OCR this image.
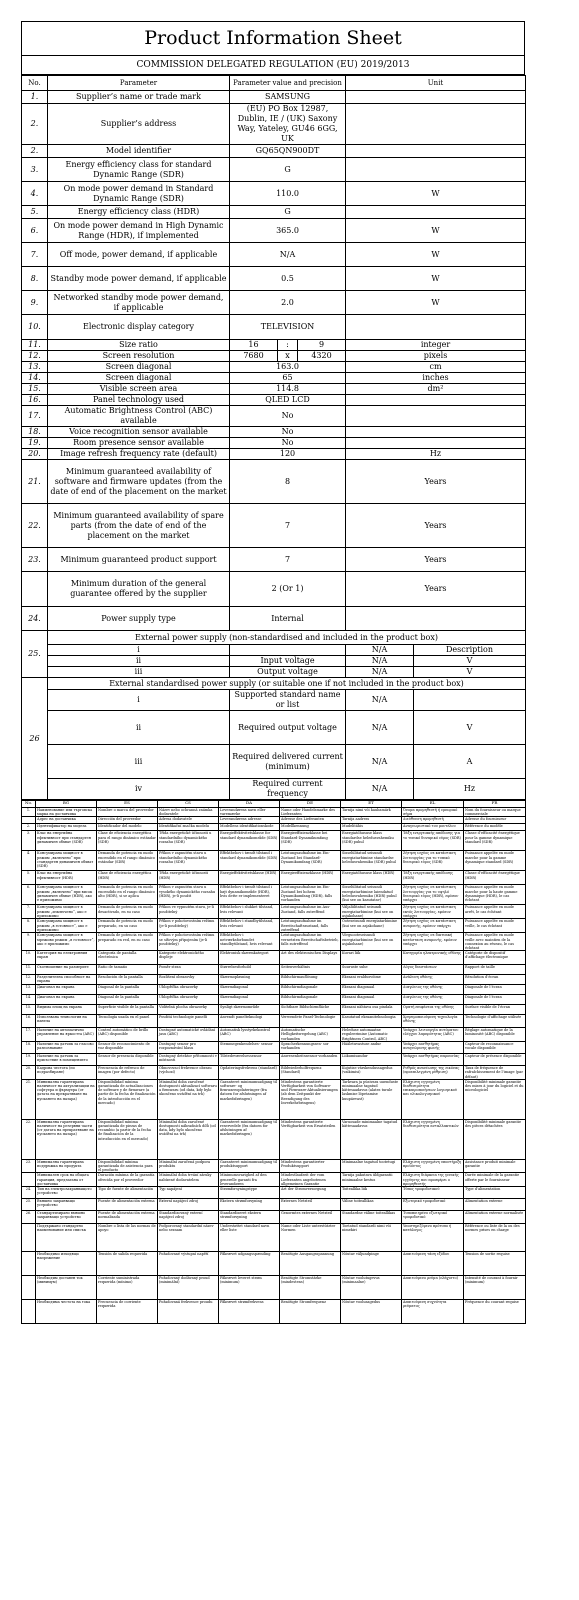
Product Information Sheet
COMMISSION DELEGATED REGULATION (EU) 2019/2013
No.	Parameter	Parameter value and precision			Unit	
1.	Supplier’s name or trade mark	SAMSUNG				
2.	Supplier’s address	(EU) PO Box 12987, Dublin, IE / (UK) Saxony Way, Yateley, GU46 6GG, UK				
2.	Model identifier	GQ65QN900DT				
3.	Energy efficiency class for standard Dynamic Range (SDR)	G				
4.	On mode power demand in Standard Dynamic Range (SDR)	110.0			W	
5.	Energy efficiency class (HDR)	G				
6.	On mode power demand in High Dynamic Range (HDR), if implemented	365.0			W	
7.	Off mode, power demand, if applicable	N/A			W	
8.	Standby mode power demand, if applicable	0.5			W	
9.	Networked standby mode power demand, if applicable	2.0			W	
10.	Electronic display category	TELEVISION				
11.	Size ratio	16	:	9	integer	
12.	Screen resolution	7680	x	4320	pixels	
13.	Screen diagonal	163.0			cm	
14.	Screen diagonal	65			inches	
15.	Visible screen area	114.8			dm²	
16.	Panel technology used	QLED LCD				
17.	Automatic Brightness Control (ABC) available	No				
18.	Voice recognition sensor available	No				
19.	Room presence sensor available	No				
20.	Image refresh frequency rate (default)	120			Hz	
21.	Minimum guaranteed availability of software and firmware updates (from the date of end of the placement on the market	8			Years	
22.	Minimum guaranteed availability of spare parts (from the date of end of the placement on the market	7			Years	
23.	Minimum guaranteed product support	7			Years	
	Minimum duration of the general guarantee offered by the supplier	2 (Or 1)			Years	
24.	Power supply type	Internal				
25.	External power supply (non-standardised and included in the product box)					
	i				N/A	Description
	ii	Input voltage			N/A	V
	iii	Output voltage			N/A	V
26	External standardised power supply (or suitable one if not included in the product box)					
	i	Supported standard name or list			N/A	
	ii	Required output voltage			N/A	V
	iii	Required delivered current (minimum)			N/A	A
	iv	Required current frequency			N/A	Hz
No.	BG	ES	CS	DA	DE	ET	EL	FR
1.	Наименование или търговска марка на доставчика	Nombre o marca del proveedor	Název nebo ochranná známka dodavatele	Leverandørens navn eller varemærke	Name oder Handelsmarke des Lieferanten	Tarnija nimi või kaubamärk	Όνομα προμηθευτή ή εμπορικό σήμα	Nom du fournisseur ou marque commerciale
	Адрес на доставчика	Dirección del proveedor	Adresa dodavatele	Leverandørens adresse	Adresse des Lieferanten	Tarnija aadress	Διεύθυνση προμηθευτή	Adresse du fournisseur
2.	Идентификатор на модела	Identificador del modelo	Identifikační značka modelu	Modellens identifikationskode	Modellkennung	Mudelitähis	Αναγνωριστικό του μοντέλου	Référence du modèle
3.	Клас на енергийна ефективност при стандартен динамичен обхват (SDR)	Clase de eficiencia energética para el rango dinámico estándar (SDR)	Třída energetické účinnosti u standardního dynamického rozsahu (SDR)	Energieffektivitetsklasse for standard dynamikområde (SDR)	Energieeffizienzklasse bei Standard-Dynamikumfang (SDR)	Energiatõhususe klass standardse heledusvahemiku (SDR) puhul	Τάξη ενεργειακής απόδοσης για το τυπικό δυναμικό εύρος (SDR)	Classe d’efficacité énergétique pour la gamme dynamique standard (SDR)
4.	Консумирана мощност в режим „включено“ при стандартен динамичен обхват (SDR)	Demanda de potencia en modo encendido en el rango dinámico estándar (SDR)	Příkon v zapnutém stavu u standardního dynamického rozsahu (SDR)	Effektbehov i tændt tilstand i standard dynamikområde (SDR)	Leistungsaufnahme im Ein-Zustand bei Standard-Dynamikumfang (SDR)	Sisselülitatud seisundi energiatarbimine standardse heledusvahemiku (SDR) puhul	Ζήτηση ισχύος σε κατάσταση λειτουργίας για το τυπικό δυναμικό εύρος (SDR)	Puissance appelée en mode marche pour la gamme dynamique standard (SDR)
5.	Клас на енергийна ефективност (HDR)	Clase de eficiencia energética (HDR)	Třída energetické účinnosti (HDR)	Energieffektivitetsklasse (HDR)	Energieeffizienzklasse (HDR)	Energiatõhususe klass (HDR)	Τάξη ενεργειακής απόδοσης (HDR)	Classe d’efficacité énergétique (HDR)
6.	Консумирана мощност в режим „включено“ при висок динамичен обхват (HDR), ако е приложимо	Demanda de potencia en modo encendido en el rango dinámico alto (HDR), si se aplica	Příkon v zapnutém stavu u vysokého dynamického rozsahu (HDR), je-li použit	Effektbehov i tændt tilstand i højt dynamikområde (HDR), hvis dette er implementeret	Leistungsaufnahme im Ein-Zustand bei hohem Dynamikumfang (HDR), falls vorhanden	Sisselülitatud seisundi energiatarbimine laiendatud heledusvahemiku (HDR) puhul (kui see on kasutatav)	Ζήτηση ισχύος σε κατάσταση λειτουργίας για το υψηλό δυναμικό εύρος (HDR), εφόσον υπάρχει	Puissance appelée en mode marche pour la haute gamme dynamique (HDR), le cas échéant
7.	Консумирана мощност в режим „изключено“, ако е приложимо	Demanda de potencia en modo desactivado, en su caso	Příkon ve vypnutém stavu, je-li použitelný	Effektbehov i slukket tilstand, hvis relevant	Leistungsaufnahme im Aus-Zustand, falls zutreffend	Väljalülitatud seisundi energiatarbimine (kui see on asjakohane)	Ζήτηση ισχύος σε κατάσταση εκτός λειτουργίας, εφόσον υπάρχει	Puissance appelée en mode arrêt, le cas échéant
8.	Консумирана мощност в режим „в готовност“, ако е приложимо	Demanda de potencia en modo preparado, en su caso	Příkon v pohotovostním režimu (je-li použitelný)	Effektbehov i standbytilstand, hvis relevant	Leistungsaufnahme im Bereitschaftszustand, falls zutreffend	Ooteseisundi energiatarbimine (kui see on asjakohane)	Ζήτηση ισχύος σε κατάσταση αναμονής, εφόσον υπάρχει	Puissance appelée en mode veille, le cas échéant
9.	Консумирана мощност в мрежови режим „в готовност“, ако е приложимо	Demanda de potencia en modo preparado en red, en su caso	Příkon v pohotovostním režimu se síťovým připojením (je-li použitelný)	Effektbehov i netværksforbundet standbytilstand, hvis relevant	Leistungsaufnahme im vernetzten Bereitschaftsbetrieb, falls zutreffend	Võrguooteseisundi energiatarbimine (kui see on asjakohane)	Ζήτηση ισχύος σε δικτυακή κατάσταση αναμονής, εφόσον υπάρχει	Puissance appelée en mode veille avec maintien de la connexion au réseau, le cas échéant
10.	Категория на електронния екран	Categoría de pantalla electrónica	Kategorie elektronického displeje	Elektronisk skærmkategori	Art des elektronischen Displays	Kuvari liik	Κατηγορία ηλεκτρονικής οθόνης	Catégorie de dispositif d’affichage électronique
11.	Съотношение на размерите	Ratio de tamaño	Poměr stran	Størrelsesforhold	Seitenverhältnis	Suuruste suhe	Λόγος διαστάσεων	Rapport de taille
12.	Разделителна способност на екрана	Resolución de la pantalla	Rozlišení obrazovky	Skærmopløsning	Bildschirmauflösung	Ekraani eraldusvõime	Ανάλυση οθόνης	Résolution d’écran
13.	Диагонал на екрана	Diagonal de la pantalla	Úhlopříčka obrazovky	Skærmdiagonal	Bildschirmdiagonale	Ekraani diagonaal	Διαγώνιος της οθόνης	Diagonale de l’écran
14.	Диагонал на екрана	Diagonal de la pantalla	Úhlopříčka obrazovky	Skærmdiagonal	Bildschirmdiagonale	Ekraani diagonaal	Διαγώνιος της οθόνης	Diagonale de l’écran
15.	Видима площ на екрана	Superficie visible de la pantalla	Viditelná plocha obrazovky	Synligt skærmområde	Sichtbare Bildschirmfläche	Ekraani nähtava osa pindala	Ορατή επιφάνεια της οθόνης	Surface visible de l’écran
16.	Използвана технология на панела	Tecnología usada en el panel	Použitá technologie panelů	Anvendt panelteknologi	Verwendete Panel-Technologie	Kasutatud ekraanitehnoloogia	Χρησιμοποιούμενη τεχνολογία οθόνης	Technologie d’affichage utilisée
17.	Наличие на автоматично управление на яркостта (ABC)	Control automático de brillo (ABC) disponible	Dostupné automatické ovládání jasu (ABC)	Automatisk lysstyrkekontrol (ABC)	Automatische Helligkeitsregelung (ABC) vorhanden	Heleduse automaatne reguleerimine (Automatic Brightness Control, ABC)	Υπάρχει λειτουργία αυτόματου ελέγχου λαμπρότητας (ABC)	Réglage automatique de la luminosité (ABC) disponible
18.	Наличие на датчик за гласово разпознаване	Sensor de reconocimiento de voz disponible	Dostupný senzor pro rozpoznávání hlasu	Stemmegenkendelses- sensor	Spracherkennungssen- sor vorhanden	Hääletuvastuse andur	Υπάρχει αισθητήρας αναγνώρισης φωνής	Capteur de reconnaissance vocale disponible
19.	Наличие на датчик за присъствие в помещението	Sensor de presencia disponible	Dostupný detektor přítomnosti v místnosti	Tilstedeværelsessensor	Anwesenheitssensor vorhanden	Liikumisandur	Υπάρχει αισθητήρας παρουσίας	Capteur de présence disponible
20.	Кадрова честота (по подразбиране)	Frecuencia de refresco de imagen (por defecto)	Obnovovací frekvence obrazu (výchozí)	Opdateringsfrekvens (standard)	Bildwiederholfrequenz (Standard)	Kujutise värskendussagedus (vaikimisi)	Ρυθμός ανανέωσης της εικόνας (προεπιλεγμένη ρύθμιση)	Taux de fréquence de rafraîchissement de l’image (par défaut)
21.	Минимална гарантирана наличност на актуализации на софтуера и фърмуера (от датата на прекратяване на пускането на пазара)	Disponibilidad mínima garantizada de actualizaciones de software y de firmware (a partir de la fecha de finalización de la introducción en el mercado)	Minimální doba zaručené dostupnosti aktualizací softwaru a firmwaru (od data, kdy bylo ukončeno uvádění na trh)	Garanteret minimumsadgang til software- og firmwareopdateringer (fra datoen for afslutningen af markedsføringen)	Mindestens garantierte Verfügbarkeit von Software- und Firmware-Aktualisierungen (ab dem Zeitpunkt der Beendigung des Inverkehrbringens)	Tarkvara ja püsivara uuenduste minimaalne tagatud kättesaadavus (alates turule laskmise lõpetamise kuupäevast)	Ελάχιστη εγγυημένη διαθεσιμότητα επικαιροποιήσεων λογισμικού και υλικολογισμικού	Disponibilité minimale garantie des mises à jour du logiciel et du micrologiciel
22.	Минимална гарантирана наличност на резервни части (от датата на прекратяване на пускането на пазара)	Disponibilidad mínima garantizada de piezas de recambio (a partir de la fecha de finalización de la introducción en el mercado)	Minimální doba zaručené dostupnosti náhradních dílů (od data, kdy bylo ukončeno uvádění na trh)	Garanteret minimumsadgang til reservedele (fra datoen for afslutningen af markedsføringen)	Mindestens garantierte Verfügbarkeit von Ersatzteilen	Varuosade minimaalne tagatud kättesaadavus	Ελάχιστη εγγυημένη διαθεσιμότητα ανταλλακτικών	Disponibilité minimale garantie des pièces détachées
23.	Минимална гарантирана поддръжка на продукта	Disponibilidad mínima garantizada de asistencia para el producto	Minimální zaručená podpora produktu	Garanteret minimumsadgang til produktsupport	Mindestens garantierter Produktsupport	Minimaalne tagatud tootetugi	Ελάχιστη εγγυημένη υποστήριξη προϊόντος	Assistance produit minimale garantie
	Минимален срок на общата гаранция, предлагана от доставчика	Duración mínima de la garantía ofrecida por el proveedor	Minimální doba trvání záruky nabízené dodavatelem	Minimumsvarighed af den generelle garanti fra leverandøren	Mindestlaufzeit der vom Lieferanten angebotenen allgemeinen Garantie	Tarnija pakutava üldgarantii minimaalne kestus	Ελάχιστη διάρκεια της γενικής εγγύησης που προσφέρει ο προμηθευτής	Durée minimale de la garantie offerte par le fournisseur
24.	Тип на електрозахранващото устройство	Tipo de fuente de alimentación	Typ napájení	Strømforsyningstype	Art der Stromversorgung	Toiteallika liik	Τύπος τροφοδοτικού	Type d’alimentation
25.	Външно захранващо устройство	Fuente de alimentación externa	Externí napájecí zdroj	Ekstern strømforsyning	Externes Netzteil	Väline toiteallikas	Εξωτερικό τροφοδοτικό	Alimentation externe
26.	Стандартизирано външно захранващо устройство	Fuente de alimentación externa normalizada	Standardizovaný externí napájecí zdroj	Standardiseret ekstern strømforsyning	Genormtes externes Netzteil	Standardne väline toiteallikas	Τυποποιημένο εξωτερικό τροφοδοτικό	Alimentation externe normalisée
	Поддържано стандартно наименование или списък	Nombre o lista de las normas de apoyo	Podporovaný standardní název nebo seznam	Understøttet standard navn eller liste	Name oder Liste unterstützter Normen	Toetatud standardi nimi või nimekiri	Υποστηριζόμενο πρότυπο ή κατάλογος	Référence ou liste de la ou des normes prises en charge
	Необходимо изходящо напрежение	Tensión de salida requerida	Požadované výstupní napětí	Påkrævet udgangsspænding	Benötigte Ausgangsspannung	Nõutav väljundpinge	Απαιτούμενη τάση εξόδου	Tension de sortie requise
	Необходим доставен ток (минимум)	Corriente suministrada requerida (mínimo)	Požadovaný dodávaný proud (minimální)	Påkrævet leveret strøm (minimum)	Benötigte Stromstärke (mindestens)	Nõutav voolutugevus (minimaalne)	Απαιτούμενο ρεύμα (ελάχιστο)	Intensité de courant à fournir (minimum)
	Необходима честота на тока	Frecuencia de corriente requerida	Požadovaná frekvence proudu	Påkrævet strømfrekvens	Benötigte Stromfrequenz	Nõutav voolusagedus	Απαιτούμενη συχνότητα ρεύματος	Fréquence du courant requise
